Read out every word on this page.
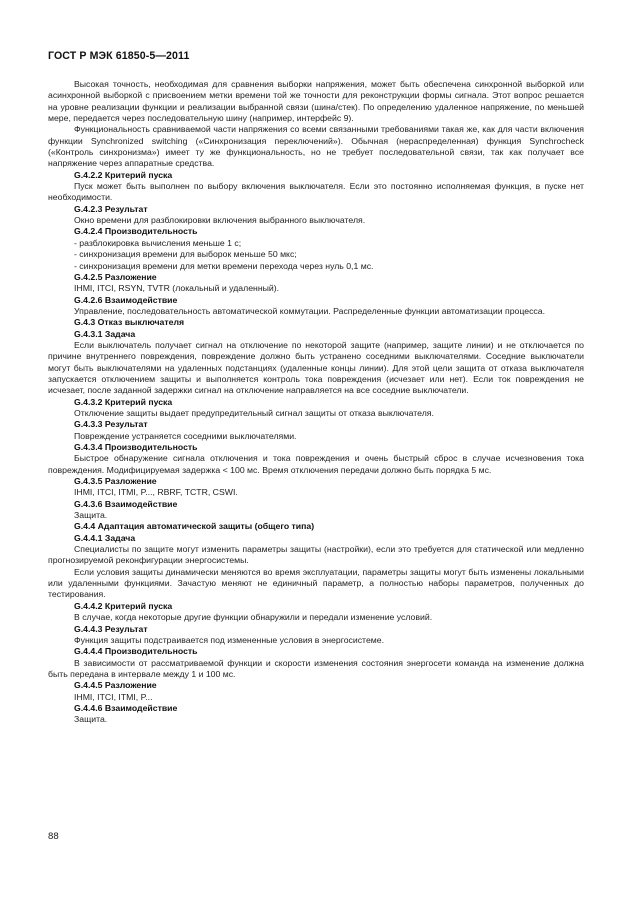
ГОСТ Р МЭК 61850-5—2011

Высокая точность, необходимая для сравнения выборки напряжения, может быть обеспечена синхронной выборкой или асинхронной выборкой с присвоением метки времени той же точности для реконструкции формы сигнала. Этот вопрос решается на уровне реализации функции и реализации выбранной связи (шина/стек). По определению удаленное напряжение, по меньшей мере, передается через последовательную шину (например, интерфейс 9).

Функциональность сравниваемой части напряжения со всеми связанными требованиями такая же, как для части включения функции Synchronized switching («Синхронизация переключений»). Обычная (нераспределенная) функция Synchrocheck («Контроль синхронизма») имеет ту же функциональность, но не требует последовательной связи, так как получает все напряжение через аппаратные средства.

G.4.2.2 Критерий пуска

Пуск может быть выполнен по выбору включения выключателя. Если это постоянно исполняемая функция, в пуске нет необходимости.

G.4.2.3 Результат

Окно времени для разблокировки включения выбранного выключателя.

G.4.2.4 Производительность

- разблокировка вычисления меньше 1 с;

- синхронизация времени для выборок меньше 50 мкс;

- синхронизация времени для метки времени перехода через нуль 0,1 мс.

G.4.2.5 Разложение

IHMI, ITCI, RSYN, TVTR (локальный и удаленный).

G.4.2.6 Взаимодействие

Управление, последовательность автоматической коммутации. Распределенные функции автоматизации процесса.

G.4.3 Отказ выключателя

G.4.3.1 Задача

Если выключатель получает сигнал на отключение по некоторой защите (например, защите линии) и не отключается по причине внутреннего повреждения, повреждение должно быть устранено соседними выключателями. Соседние выключатели могут быть выключателями на удаленных подстанциях (удаленные концы линии). Для этой цели защита от отказа выключателя запускается отключением защиты и выполняется контроль тока повреждения (исчезает или нет). Если ток повреждения не исчезает, после заданной задержки сигнал на отключение направляется на все соседние выключатели.

G.4.3.2 Критерий пуска

Отключение защиты выдает предупредительный сигнал защиты от отказа выключателя.

G.4.3.3 Результат

Повреждение устраняется соседними выключателями.

G.4.3.4 Производительность

Быстрое обнаружение сигнала отключения и тока повреждения и очень быстрый сброс в случае исчезновения тока повреждения. Модифицируемая задержка < 100 мс. Время отключения передачи должно быть порядка 5 мс.

G.4.3.5 Разложение

IHMI, ITCI, ITMI, P..., RBRF, TCTR, CSWI.

G.4.3.6 Взаимодействие

Защита.

G.4.4 Адаптация автоматической защиты (общего типа)

G.4.4.1 Задача

Специалисты по защите могут изменить параметры защиты (настройки), если это требуется для статической или медленно прогнозируемой реконфигурации энергосистемы.

Если условия защиты динамически меняются во время эксплуатации, параметры защиты могут быть изменены локальными или удаленными функциями. Зачастую меняют не единичный параметр, а полностью наборы параметров, полученных до тестирования.

G.4.4.2 Критерий пуска

В случае, когда некоторые другие функции обнаружили и передали изменение условий.

G.4.4.3 Результат

Функция защиты подстраивается под измененные условия в энергосистеме.

G.4.4.4 Производительность

В зависимости от рассматриваемой функции и скорости изменения состояния энергосети команда на изменение должна быть передана в интервале между 1 и 100 мс.

G.4.4.5 Разложение

IHMI, ITCI, ITMI, P...

G.4.4.6 Взаимодействие

Защита.

88
